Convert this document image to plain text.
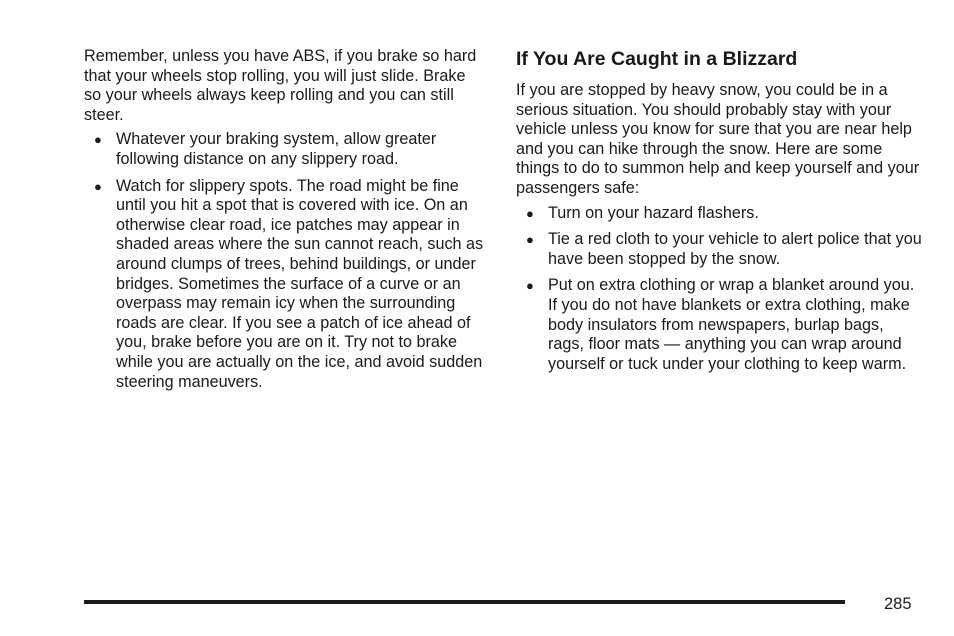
Remember, unless you have ABS, if you brake so hard that your wheels stop rolling, you will just slide. Brake so your wheels always keep rolling and you can still steer.

● Whatever your braking system, allow greater following distance on any slippery road.
● Watch for slippery spots. The road might be fine until you hit a spot that is covered with ice. On an otherwise clear road, ice patches may appear in shaded areas where the sun cannot reach, such as around clumps of trees, behind buildings, or under bridges. Sometimes the surface of a curve or an overpass may remain icy when the surrounding roads are clear. If you see a patch of ice ahead of you, brake before you are on it. Try not to brake while you are actually on the ice, and avoid sudden steering maneuvers.
If You Are Caught in a Blizzard

If you are stopped by heavy snow, you could be in a serious situation. You should probably stay with your vehicle unless you know for sure that you are near help and you can hike through the snow. Here are some things to do to summon help and keep yourself and your passengers safe:

● Turn on your hazard flashers.
● Tie a red cloth to your vehicle to alert police that you have been stopped by the snow.
● Put on extra clothing or wrap a blanket around you. If you do not have blankets or extra clothing, make body insulators from newspapers, burlap bags, rags, floor mats — anything you can wrap around yourself or tuck under your clothing to keep warm.
285
